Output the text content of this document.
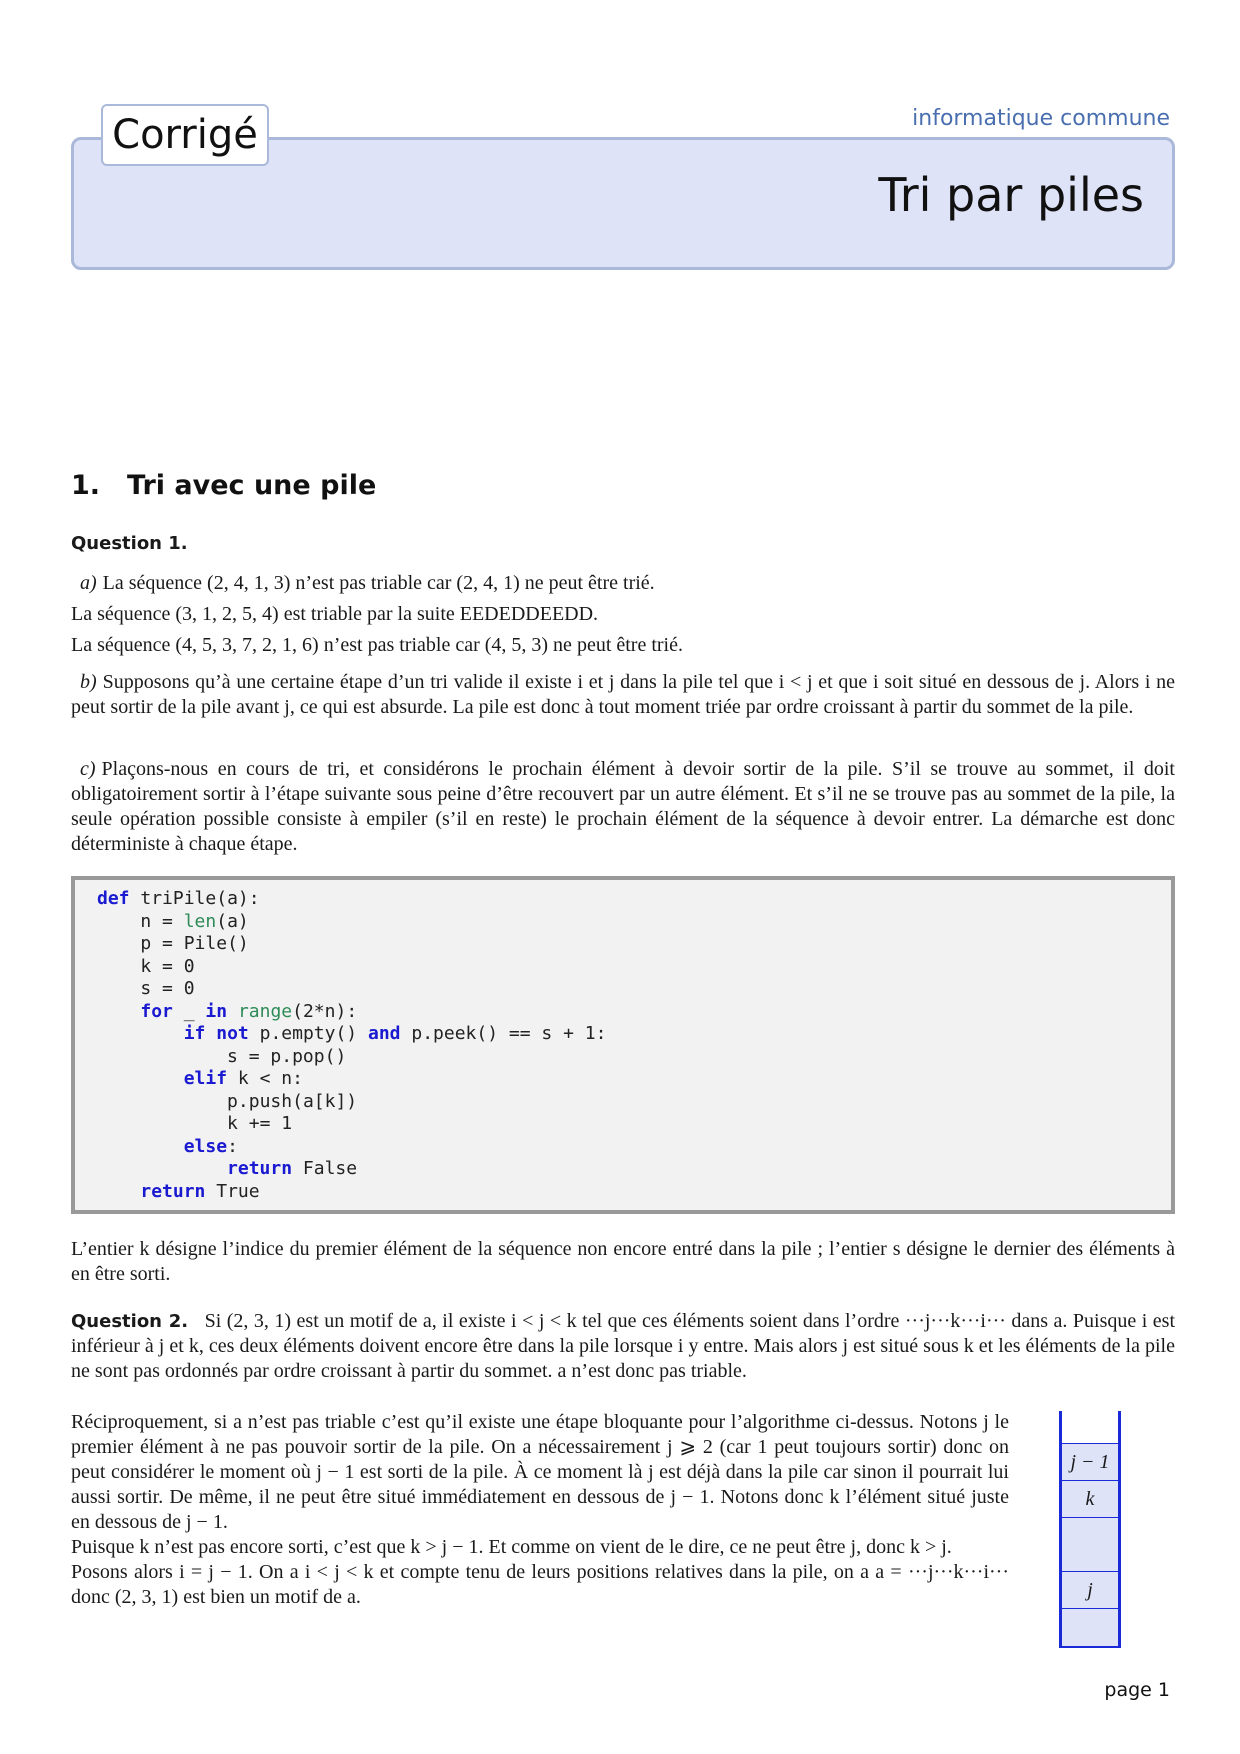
Corrigé	informatique commune
Tri par piles
1. Tri avec une pile
Question 1.

a) La séquence (2, 4, 1, 3) n’est pas triable car (2, 4, 1) ne peut être trié.

La séquence (3, 1, 2, 5, 4) est triable par la suite EEDEDDEEDD.

La séquence (4, 5, 3, 7, 2, 1, 6) n’est pas triable car (4, 5, 3) ne peut être trié.

b) Supposons qu’à une certaine étape d’un tri valide il existe i et j dans la pile tel que i < j et que i soit situé en dessous de j. Alors i ne peut sortir de la pile avant j, ce qui est absurde. La pile est donc à tout moment triée par ordre croissant à partir du sommet de la pile.

c) Plaçons-nous en cours de tri, et considérons le prochain élément à devoir sortir de la pile. S’il se trouve au sommet, il doit obligatoirement sortir à l’étape suivante sous peine d’être recouvert par un autre élément. Et s’il ne se trouve pas au sommet de la pile, la seule opération possible consiste à empiler (s’il en reste) le prochain élément de la séquence à devoir entrer. La démarche est donc déterministe à chaque étape.

def triPile(a):
n = len(a)
p = Pile()
k = 0
s = 0
for _ in range(2*n):
if not p.empty() and p.peek() == s + 1:
s = p.pop()
elif k < n:
p.push(a[k])
k += 1
else:
return False
return True

L’entier k désigne l’indice du premier élément de la séquence non encore entré dans la pile ; l’entier s désigne le dernier des éléments à en être sorti.

Question 2. Si (2, 3, 1) est un motif de a, il existe i < j < k tel que ces éléments soient dans l’ordre ···j···k···i··· dans a. Puisque i est inférieur à j et k, ces deux éléments doivent encore être dans la pile lorsque i y entre. Mais alors j est situé sous k et les éléments de la pile ne sont pas ordonnés par ordre croissant à partir du sommet. a n’est donc pas triable.

Réciproquement, si a n’est pas triable c’est qu’il existe une étape bloquante pour l’algorithme ci-dessus. Notons j le premier élément à ne pas pouvoir sortir de la pile. On a nécessairement j ⩾ 2 (car 1 peut toujours sortir) donc on peut considérer le moment où j − 1 est sorti de la pile. À ce moment là j est déjà dans la pile car sinon il pourrait lui aussi sortir. De même, il ne peut être situé immédiatement en dessous de j − 1. Notons donc k l’élément situé juste en dessous de j − 1.

Puisque k n’est pas encore sorti, c’est que k > j − 1. Et comme on vient de le dire, ce ne peut être j, donc k > j.

Posons alors i = j − 1. On a i < j < k et compte tenu de leurs positions relatives dans la pile, on a a = ···j···k···i··· donc (2, 3, 1) est bien un motif de a.

j − 1
k
j
page 1
